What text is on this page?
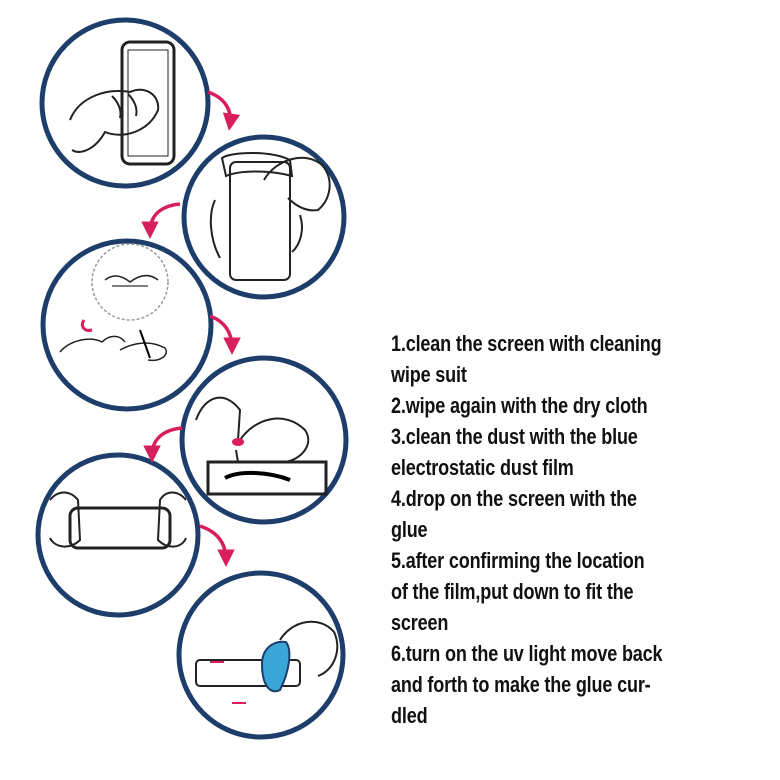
1.clean the screen with cleaning
wipe suit
2.wipe again with the dry cloth
3.clean the dust with the blue
electrostatic dust film
4.drop on the screen with the
glue
5.after confirming the location
of the film,put down to fit the
screen
6.turn on the uv light move back
and forth to make the glue cur-
dled
